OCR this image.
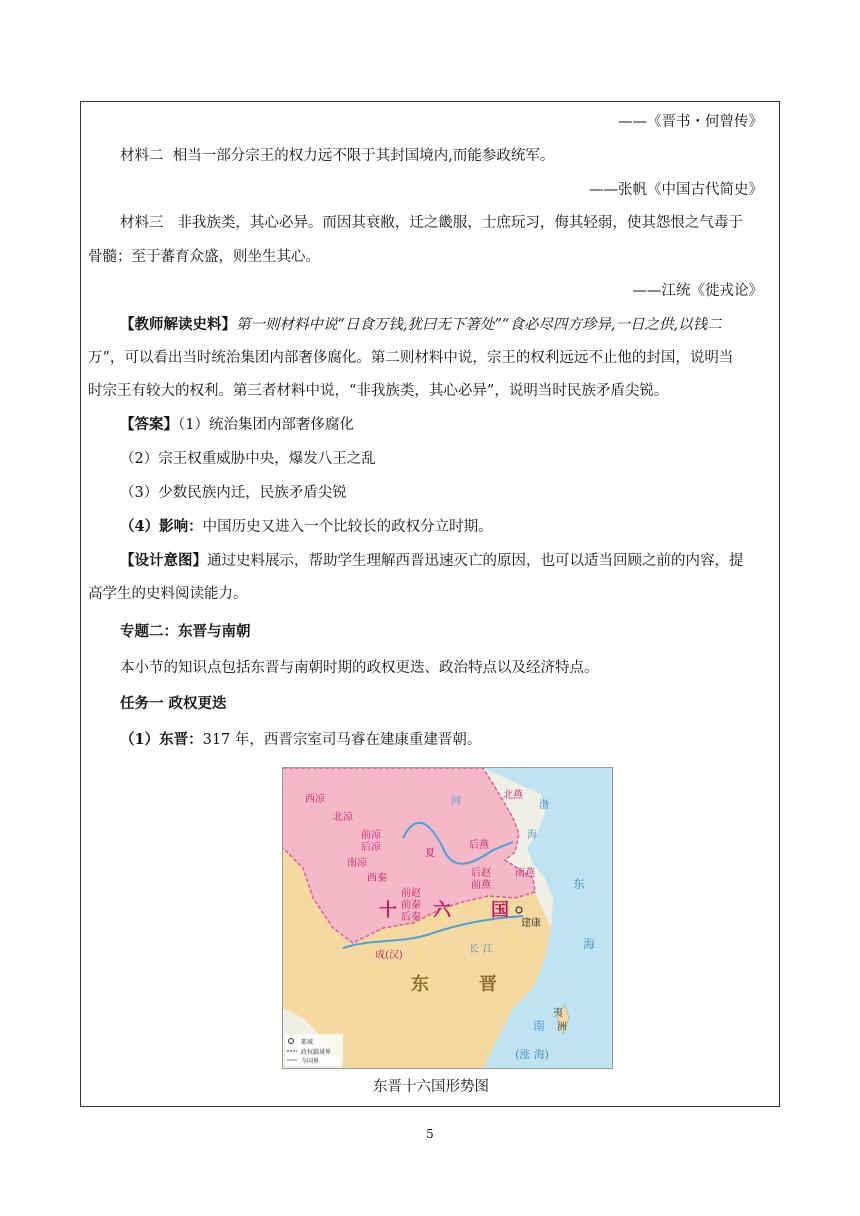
——《晋书・何曾传》
材料二 相当一部分宗王的权力远不限于其封国境内,而能参政统军。
——张帆《中国古代简史》
材料三 非我族类，其心必异。而因其衰敝，迁之畿服，士庶玩习，侮其轻弱，使其怨恨之气毒于
骨髓；至于蕃育众盛，则坐生其心。
——江统《徙戎论》
【教师解读史料】第一则材料中说“日食万钱,犹曰无下箸处”“食必尽四方珍异,一日之供,以钱二
万”，可以看出当时统治集团内部奢侈腐化。第二则材料中说，宗王的权利远远不止他的封国，说明当
时宗王有较大的权利。第三者材料中说，“非我族类，其心必异”，说明当时民族矛盾尖锐。
【答案】（1）统治集团内部奢侈腐化
（2）宗王权重威胁中央，爆发八王之乱
（3）少数民族内迁，民族矛盾尖锐
（4）影响：中国历史又进入一个比较长的政权分立时期。
【设计意图】通过史料展示，帮助学生理解西晋迅速灭亡的原因，也可以适当回顾之前的内容，提
高学生的史料阅读能力。
专题二：东晋与南朝
本小节的知识点包括东晋与南朝时期的政权更迭、政治特点以及经济特点。
任务一 政权更迭
（1）东晋：317 年，西晋宗室司马睿在建康重建晋朝。
西凉
北凉
前凉
后凉
南凉
西秦
夏
后燕
后赵
前燕
南燕
北燕
前赵
前秦
后秦
成(汉)
十 六 国
东	晋
建康
河
长 江
渤
海
东
海
南
(涨 海)
夷
洲
都城
政权疆域界
今国界
东晋十六国形势图
5
